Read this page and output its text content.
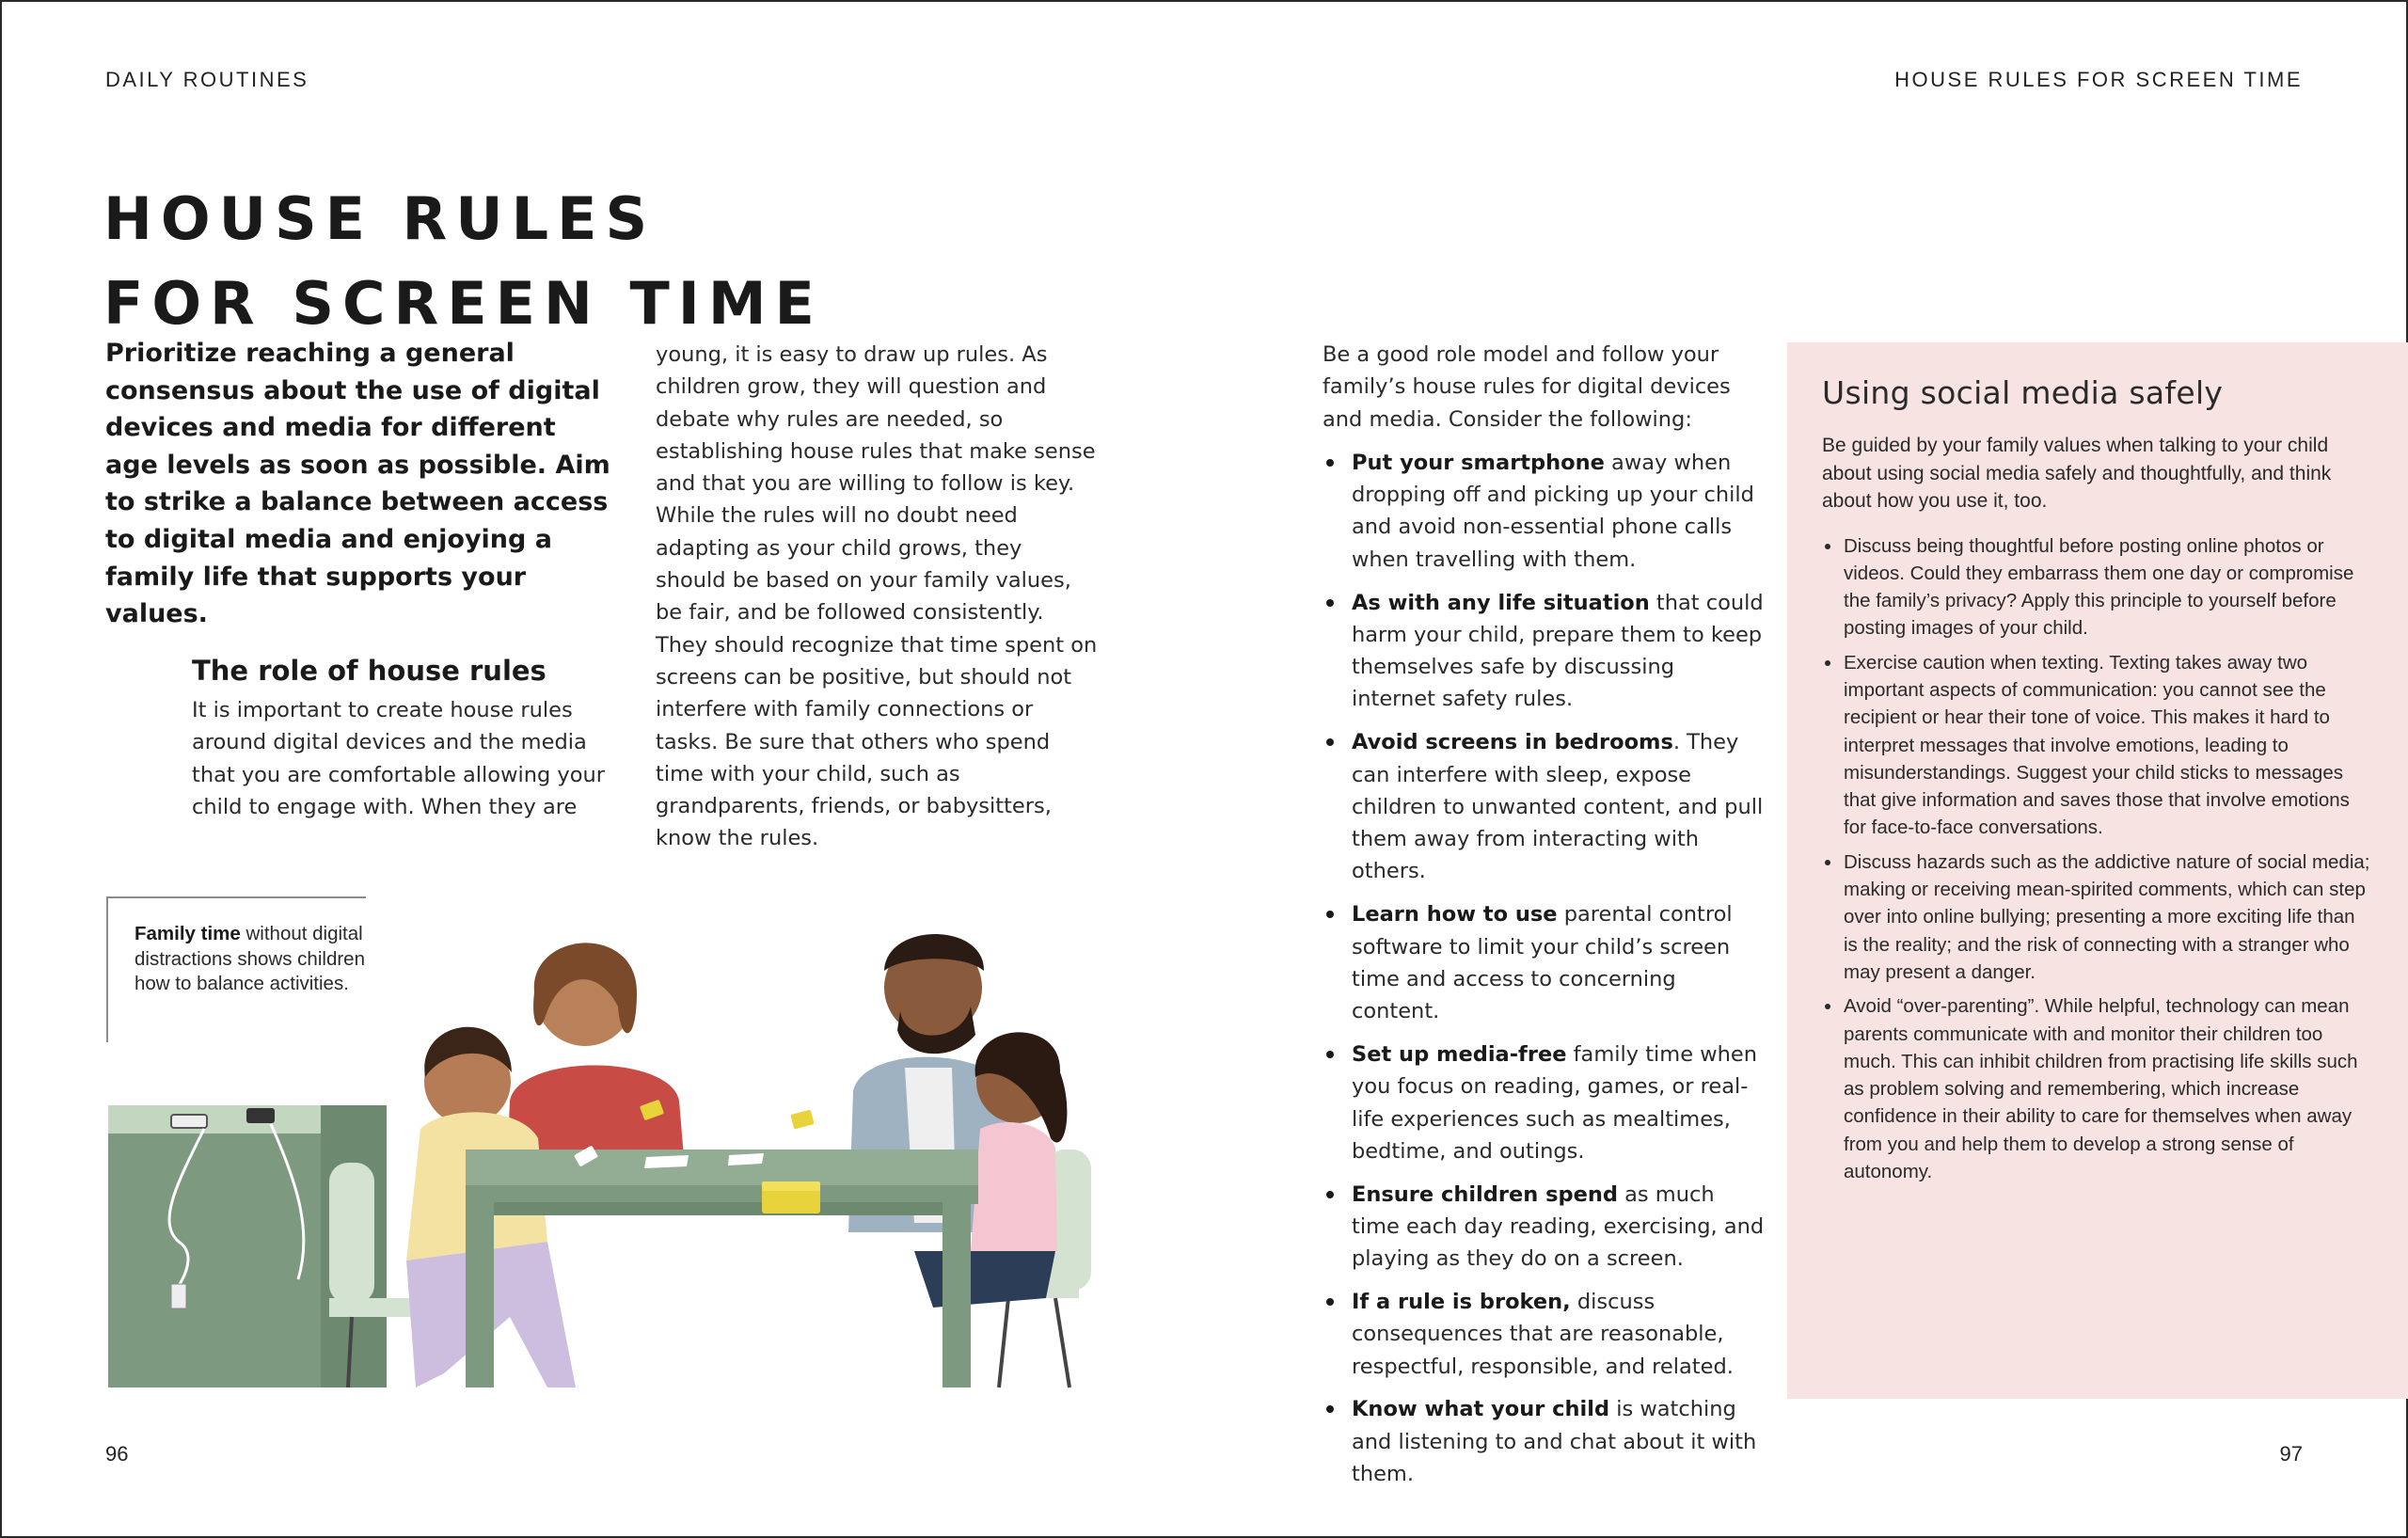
DAILY ROUTINES	HOUSE RULES FOR SCREEN TIME
HOUSE RULES
FOR SCREEN TIME

Prioritize reaching a general consensus about the use of digital devices and media for different age levels as soon as possible. Aim to strike a balance between access to digital media and enjoying a family life that supports your values.

The role of house rules

It is important to create house rules around digital devices and the media that you are comfortable allowing your child to engage with. When they are

young, it is easy to draw up rules. As children grow, they will question and debate why rules are needed, so establishing house rules that make sense and that you are willing to follow is key. While the rules will no doubt need adapting as your child grows, they should be based on your family values, be fair, and be followed consistently. They should recognize that time spent on screens can be positive, but should not interfere with family connections or tasks. Be sure that others who spend time with your child, such as grandparents, friends, or babysitters, know the rules.

Be a good role model and follow your family’s house rules for digital devices and media. Consider the following:

Put your smartphone away when dropping off and picking up your child and avoid non-essential phone calls when travelling with them.
As with any life situation that could harm your child, prepare them to keep themselves safe by discussing internet safety rules.
Avoid screens in bedrooms. They can interfere with sleep, expose children to unwanted content, and pull them away from interacting with others.
Learn how to use parental control software to limit your child’s screen time and access to concerning content.
Set up media-free family time when you focus on reading, games, or real-life experiences such as mealtimes, bedtime, and outings.
Ensure children spend as much time each day reading, exercising, and playing as they do on a screen.
If a rule is broken, discuss consequences that are reasonable, respectful, responsible, and related.
Know what your child is watching and listening to and chat about it with them.
Using social media safely

Be guided by your family values when talking to your child about using social media safely and thoughtfully, and think about how you use it, too.

Discuss being thoughtful before posting online photos or videos. Could they embarrass them one day or compromise the family’s privacy? Apply this principle to yourself before posting images of your child.
Exercise caution when texting. Texting takes away two important aspects of communication: you cannot see the recipient or hear their tone of voice. This makes it hard to interpret messages that involve emotions, leading to misunderstandings. Suggest your child sticks to messages that give information and saves those that involve emotions for face-to-face conversations.
Discuss hazards such as the addictive nature of social media; making or receiving mean-spirited comments, which can step over into online bullying; presenting a more exciting life than is the reality; and the risk of connecting with a stranger who may present a danger.
Avoid “over-parenting”. While helpful, technology can mean parents communicate with and monitor their children too much. This can inhibit children from practising life skills such as problem solving and remembering, which increase confidence in their ability to care for themselves when away from you and help them to develop a strong sense of autonomy.

Family time without digital distractions shows children how to balance activities.

96	97
